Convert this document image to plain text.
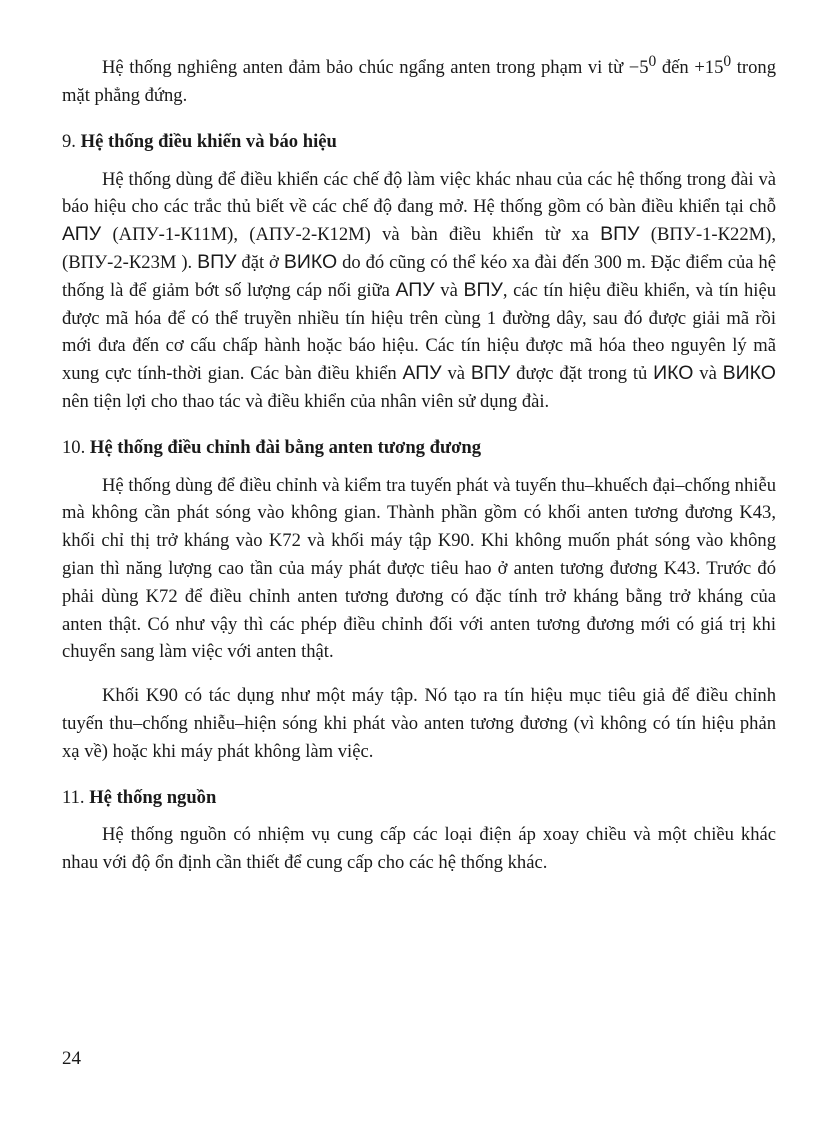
Hệ thống nghiêng anten đảm bảo chúc ngẩng anten trong phạm vi từ $-5^0$ đến $+15^0$ trong mặt phẳng đứng.

9. Hệ thống điều khiển và báo hiệu

Hệ thống dùng để điều khiển các chế độ làm việc khác nhau của các hệ thống trong đài và báo hiệu cho các trắc thủ biết về các chế độ đang mở. Hệ thống gồm có bàn điều khiển tại chỗ АПУ (АПУ-1-К11М), (АПУ-2-К12М) và bàn điều khiển từ xa ВПУ (ВПУ-1-К22М), (ВПУ-2-К23М ). ВПУ đặt ở ВИКО do đó cũng có thể kéo xa đài đến 300 m. Đặc điểm của hệ thống là để giảm bớt số lượng cáp nối giữa АПУ và ВПУ, các tín hiệu điều khiển, và tín hiệu được mã hóa để có thể truyền nhiều tín hiệu trên cùng 1 đường dây, sau đó được giải mã rồi mới đưa đến cơ cấu chấp hành hoặc báo hiệu. Các tín hiệu được mã hóa theo nguyên lý mã xung cực tính-thời gian. Các bàn điều khiển АПУ và ВПУ được đặt trong tủ ИКО và ВИКО nên tiện lợi cho thao tác và điều khiển của nhân viên sử dụng đài.

10. Hệ thống điều chỉnh đài bằng anten tương đương

Hệ thống dùng để điều chỉnh và kiểm tra tuyến phát và tuyến thu–khuếch đại–chống nhiễu mà không cần phát sóng vào không gian. Thành phần gồm có khối anten tương đương K43, khối chỉ thị trở kháng vào K72 và khối máy tập K90. Khi không muốn phát sóng vào không gian thì năng lượng cao tần của máy phát được tiêu hao ở anten tương đương K43. Trước đó phải dùng K72 để điều chỉnh anten tương đương có đặc tính trở kháng bằng trở kháng của anten thật. Có như vậy thì các phép điều chỉnh đối với anten tương đương mới có giá trị khi chuyển sang làm việc với anten thật.

Khối K90 có tác dụng như một máy tập. Nó tạo ra tín hiệu mục tiêu giả để điều chỉnh tuyến thu–chống nhiễu–hiện sóng khi phát vào anten tương đương (vì không có tín hiệu phản xạ về) hoặc khi máy phát không làm việc.

11. Hệ thống nguồn

Hệ thống nguồn có nhiệm vụ cung cấp các loại điện áp xoay chiều và một chiều khác nhau với độ ổn định cần thiết để cung cấp cho các hệ thống khác.

24
